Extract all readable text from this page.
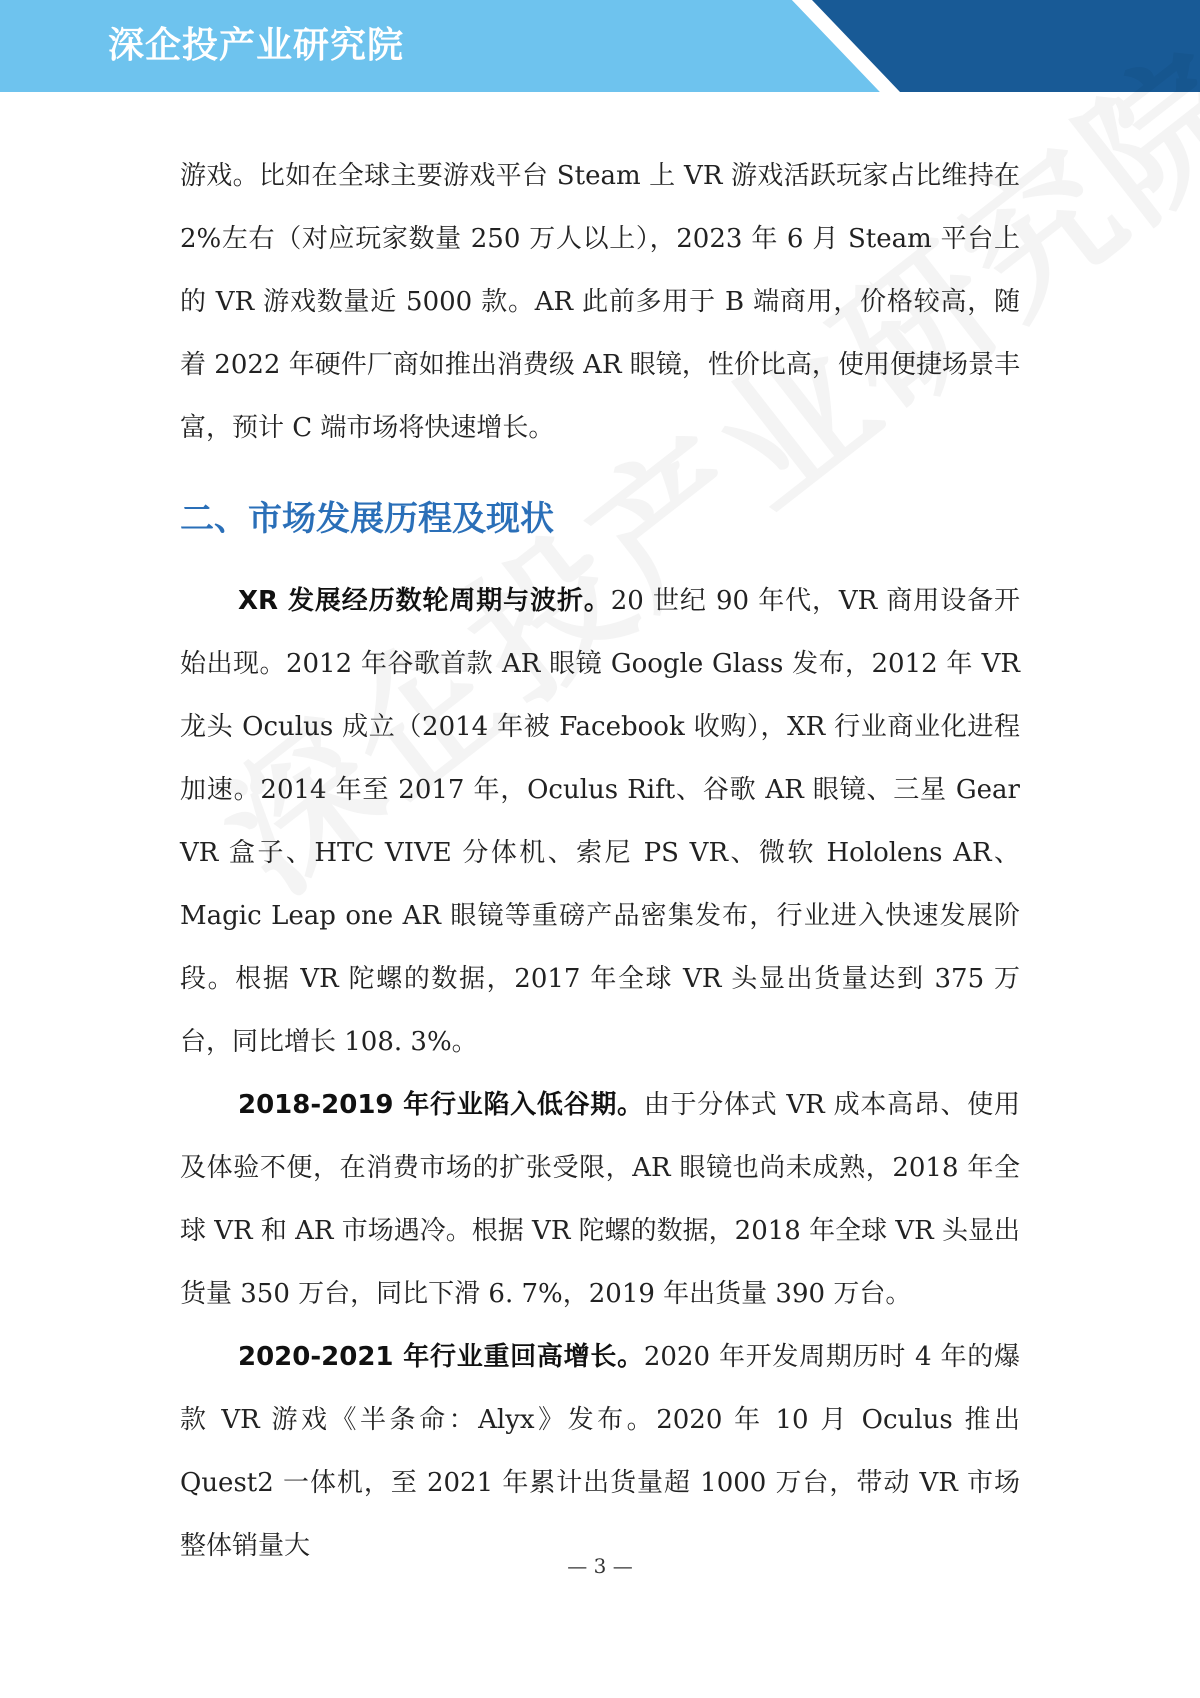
深企投产业研究院

游戏。比如在全球主要游戏平台 Steam 上 VR 游戏活跃玩家占比维持在 2%左右（对应玩家数量 250 万人以上），2023 年 6 月 Steam 平台上的 VR 游戏数量近 5000 款。AR 此前多用于 B 端商用，价格较高，随 着 2022 年硬件厂商如推出消费级 AR 眼镜，性价比高，使用便捷场景丰富，预计 C 端市场将快速增长。

二、市场发展历程及现状

XR 发展经历数轮周期与波折。20 世纪 90 年代，VR 商用设备开始出现。2012 年谷歌首款 AR 眼镜 Google Glass 发布，2012 年 VR 龙头 Oculus 成立（2014 年被 Facebook 收购），XR 行业商业化进程加速。2014 年至 2017 年，Oculus Rift、谷歌 AR 眼镜、三星 Gear VR 盒子、HTC VIVE 分体机、索尼 PS VR、微软 Hololens AR、Magic Leap one AR 眼镜等重磅产品密集发布，行业进入快速发展阶段。根据 VR 陀螺的数据，2017 年全球 VR 头显出货量达到 375 万台，同比增长 108. 3%。

2018-2019 年行业陷入低谷期。由于分体式 VR 成本高昂、使用及体验不便，在消费市场的扩张受限，AR 眼镜也尚未成熟，2018 年全球 VR 和 AR 市场遇冷。根据 VR 陀螺的数据，2018 年全球 VR 头显出货量 350 万台，同比下滑 6. 7%，2019 年出货量 390 万台。

2020-2021 年行业重回高增长。2020 年开发周期历时 4 年的爆款 VR 游戏《半条命：Alyx》发布。2020 年 10 月 Oculus 推出 Quest2 一体机，至 2021 年累计出货量超 1000 万台，带动 VR 市场整体销量大

— 3 —
